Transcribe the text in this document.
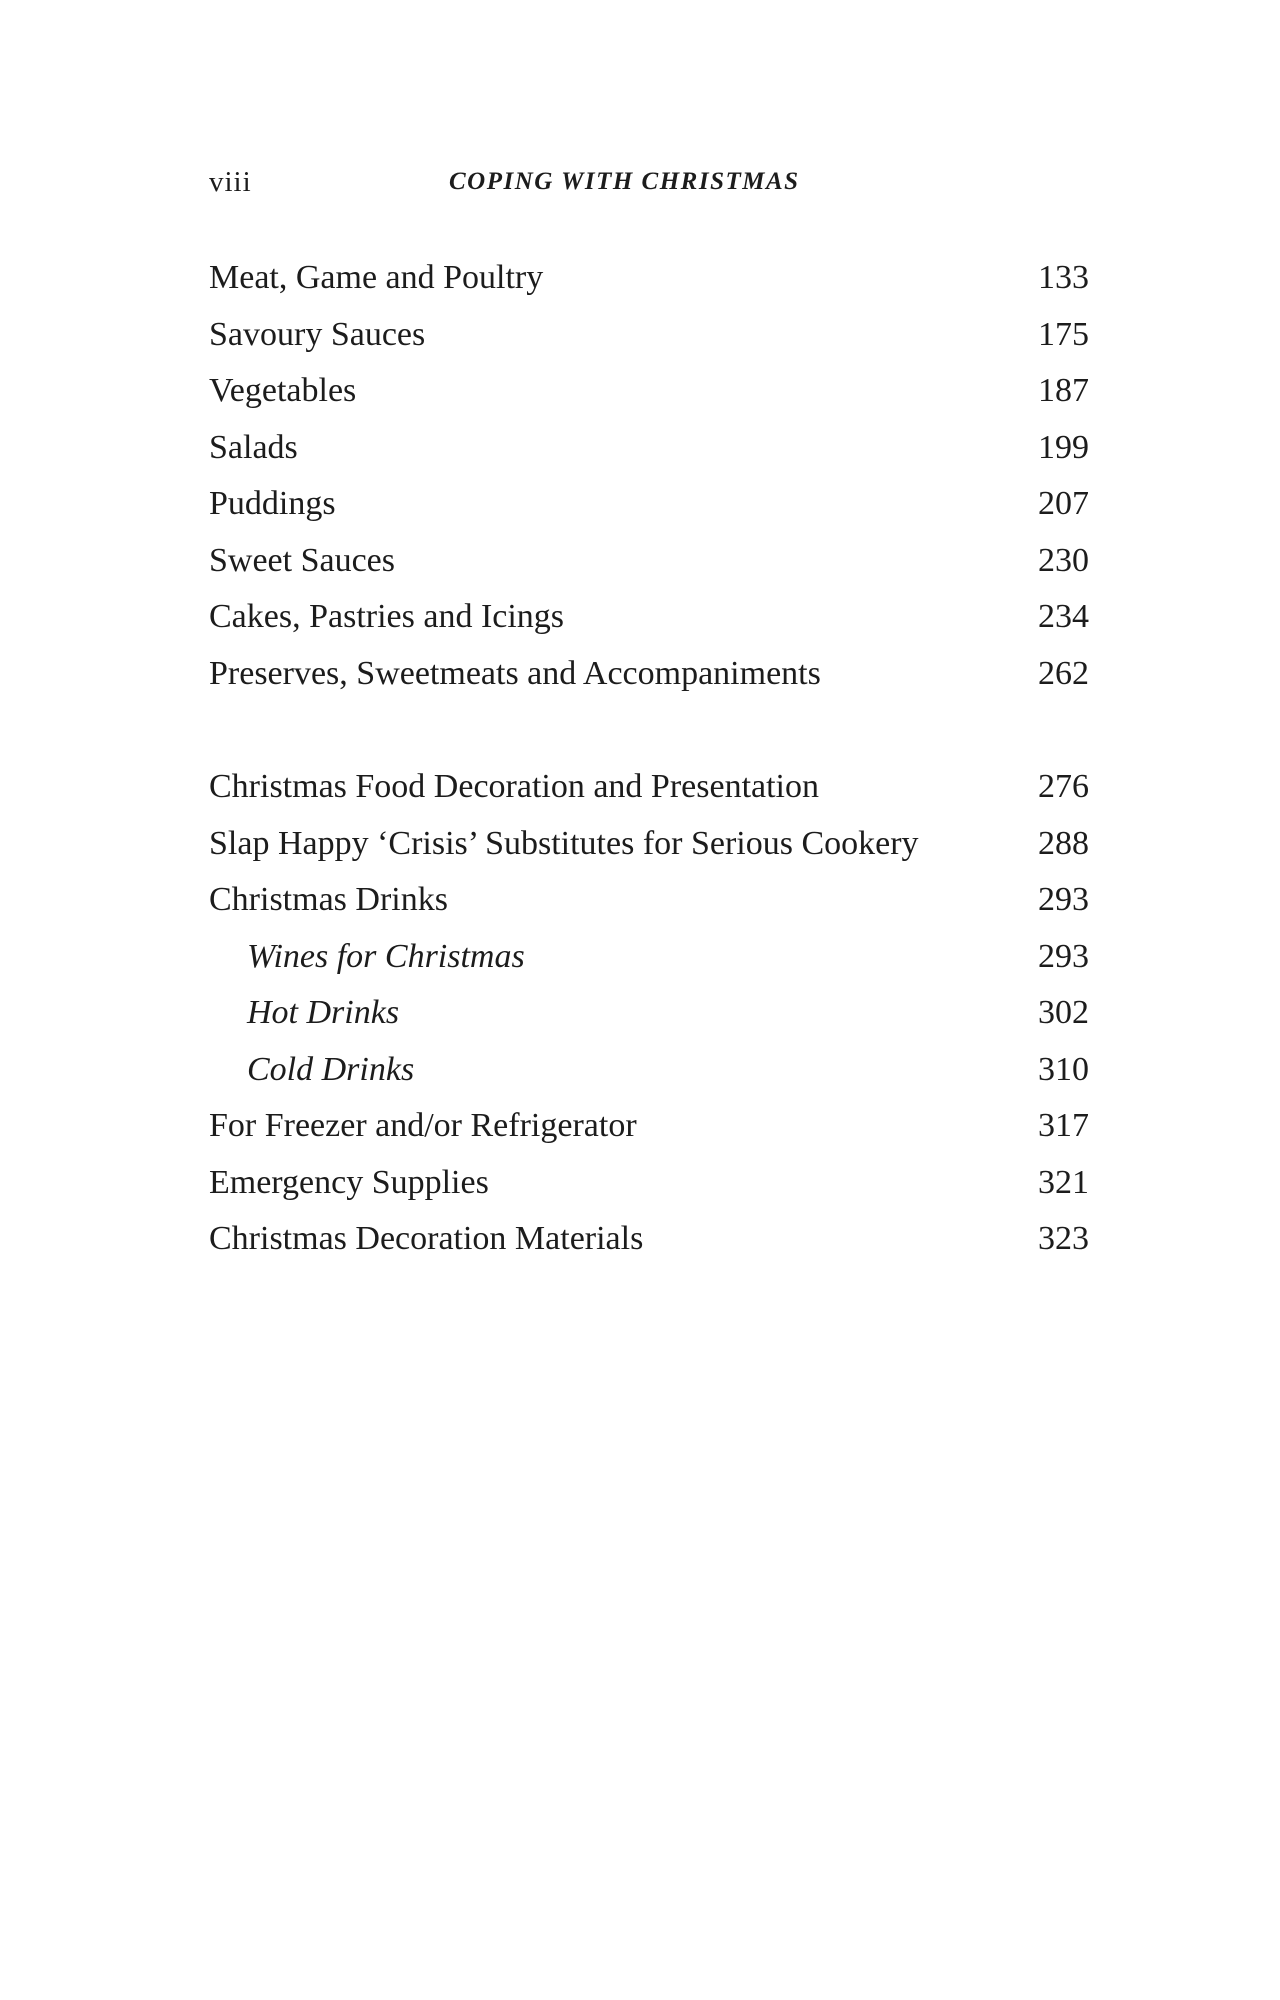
viii	COPING WITH CHRISTMAS
Meat, Game and Poultry	133
Savoury Sauces	175
Vegetables	187
Salads	199
Puddings	207
Sweet Sauces	230
Cakes, Pastries and Icings	234
Preserves, Sweetmeats and Accompaniments	262
Christmas Food Decoration and Presentation	276
Slap Happy ‘Crisis’ Substitutes for Serious Cookery	288
Christmas Drinks	293
Wines for Christmas	293
Hot Drinks	302
Cold Drinks	310
For Freezer and/or Refrigerator	317
Emergency Supplies	321
Christmas Decoration Materials	323
